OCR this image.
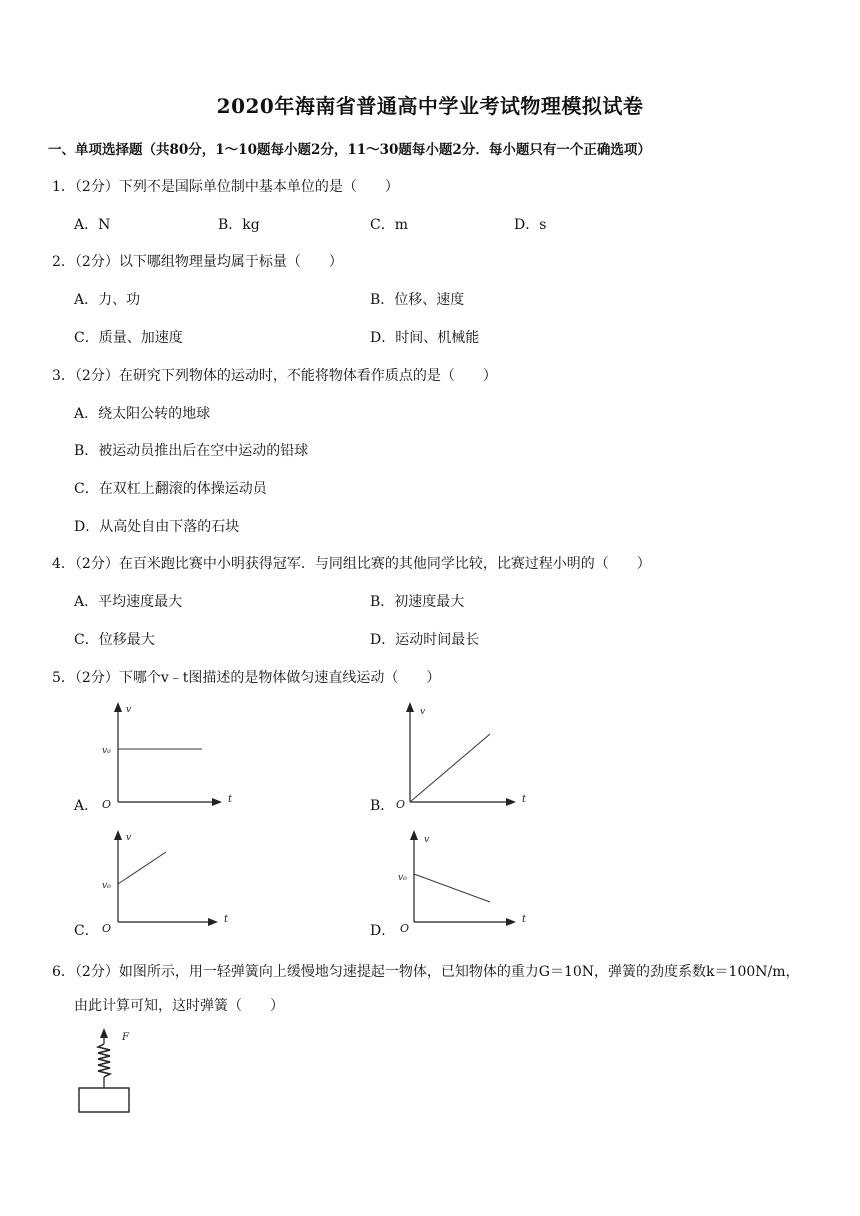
2020年海南省普通高中学业考试物理模拟试卷
一、单项选择题（共80分，1～10题每小题2分，11～30题每小题2分．每小题只有一个正确选项）
1．（2分）下列不是国际单位制中基本单位的是（　　）
A．N	B．kg	C．m	D．s
2．（2分）以下哪组物理量均属于标量（　　）
A．力、功	B．位移、速度
C．质量、加速度	D．时间、机械能
3．（2分）在研究下列物体的运动时，不能将物体看作质点的是（　　）
A．绕太阳公转的地球
B．被运动员推出后在空中运动的铅球
C．在双杠上翻滚的体操运动员
D．从高处自由下落的石块
4．（2分）在百米跑比赛中小明获得冠军．与同组比赛的其他同学比较，比赛过程小明的（　　）
A．平均速度最大	B．初速度最大
C．位移最大	D．运动时间最长
5．（2分）下哪个v﹣t图描述的是物体做匀速直线运动（　　）
A．	B．
C．	D．
v
t
O
v₀
v
t
O
v
t
O
v₀
v
t
O
v₀
6．（2分）如图所示，用一轻弹簧向上缓慢地匀速提起一物体，已知物体的重力G＝10N，弹簧的劲度系数k＝100N/m，
由此计算可知，这时弹簧（　　）
F
